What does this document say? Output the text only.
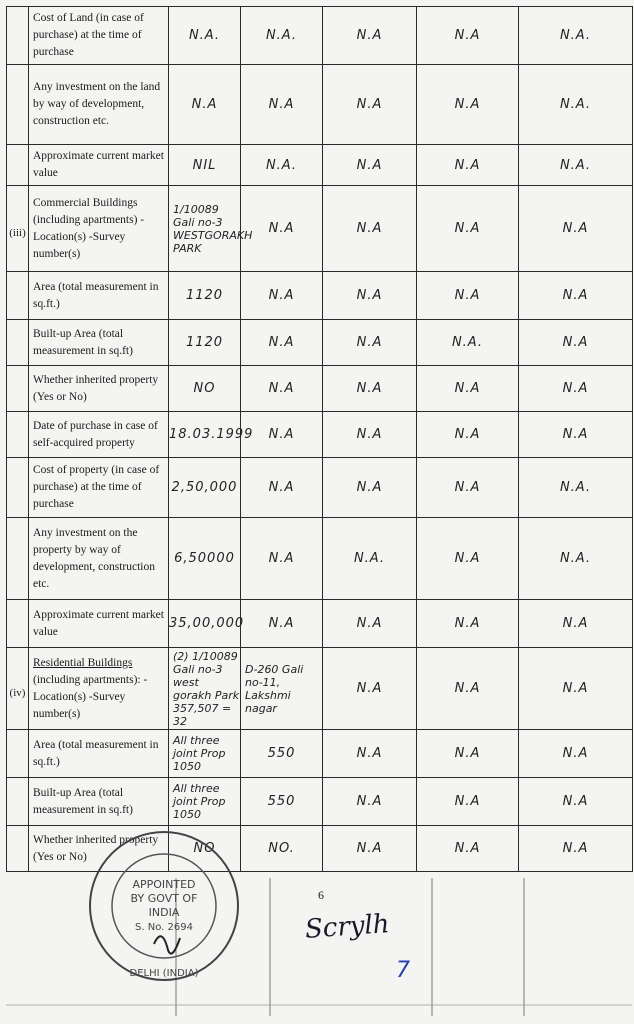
	Cost of Land (in case of purchase) at the time of purchase	N.A.	N.A.	N.A	N.A	N.A.
	Any investment on the land by way of development, construction etc.	N.A	N.A	N.A	N.A	N.A.
	Approximate current market value	NIL	N.A.	N.A	N.A	N.A.
(iii)	Commercial Buildings (including apartments) -Location(s) -Survey number(s)	1/10089 Gali no-3 WESTGORAKH PARK	N.A	N.A	N.A	N.A
	Area (total measurement in sq.ft.)	1120	N.A	N.A	N.A	N.A
	Built-up Area (total measurement in sq.ft)	1120	N.A	N.A	N.A.	N.A
	Whether inherited property (Yes or No)	NO	N.A	N.A	N.A	N.A
	Date of purchase in case of self-acquired property	18.03.1999	N.A	N.A	N.A	N.A
	Cost of property (in case of purchase) at the time of purchase	2,50,000	N.A	N.A	N.A	N.A.
	Any investment on the property by way of development, construction etc.	6,50000	N.A	N.A.	N.A	N.A.
	Approximate current market value	35,00,000	N.A	N.A	N.A	N.A
(iv)	Residential Buildings (including apartments): -Location(s) -Survey number(s)	(2) 1/10089 Gali no-3 west gorakh Park 357,507 = 32	D-260 Gali no-11, Lakshmi nagar	N.A	N.A	N.A
	Area (total measurement in sq.ft.)	All three joint Prop 1050	550	N.A	N.A	N.A
	Built-up Area (total measurement in sq.ft)	All three joint Prop 1050	550	N.A	N.A	N.A
	Whether inherited property (Yes or No)	NO	NO.	N.A	N.A	N.A
APPOINTED
BY GOVT OF
INDIA
S. No. 2694
DELHI (INDIA)
6
Scrylh
7
